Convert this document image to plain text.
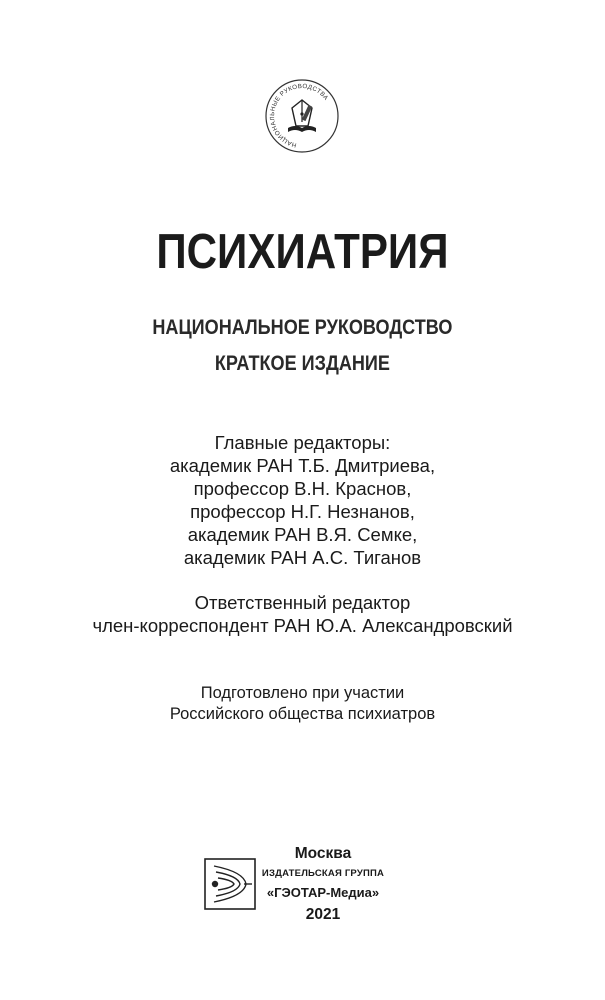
НАЦИОНАЛЬНЫЕ РУКОВОДСТВА
ПСИХИАТРИЯ
НАЦИОНАЛЬНОЕ РУКОВОДСТВО
КРАТКОЕ ИЗДАНИЕ
Главные редакторы:
академик РАН Т.Б. Дмитриева,
профессор В.Н. Краснов,
профессор Н.Г. Незнанов,
академик РАН В.Я. Семке,
академик РАН А.С. Тиганов
Ответственный редактор
член-корреспондент РАН Ю.А. Александровский
Подготовлено при участии
Российского общества психиатров
Москва
ИЗДАТЕЛЬСКАЯ ГРУППА
«ГЭОТАР-Медиа»
2021
